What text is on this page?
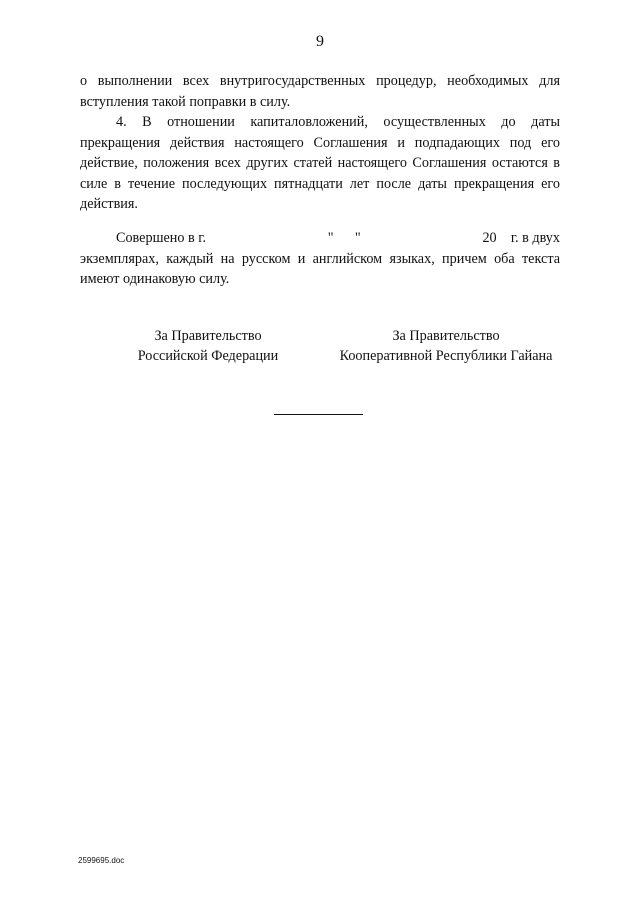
9

о выполнении всех внутригосударственных процедур, необходимых для вступления такой поправки в силу.

4. В отношении капиталовложений, осуществленных до даты прекращения действия настоящего Соглашения и подпадающих под его действие, положения всех других статей настоящего Соглашения остаются в силе в течение последующих пятнадцати лет после даты прекращения его действия.

Совершено в г.	"      "	20    г. в двух

экземплярах, каждый на русском и английском языках, причем оба текста имеют одинаковую силу.

За Правительство
Российской Федерации
За Правительство
Кооперативной Республики Гайана
2599695.doc
